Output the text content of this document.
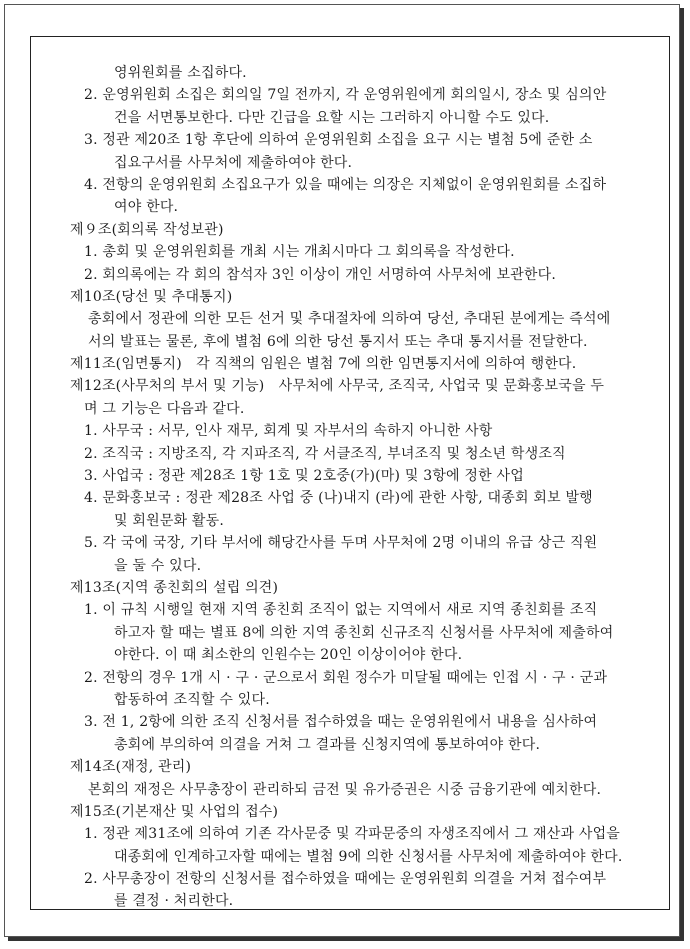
영위원회를 소집하다.
2. 운영위원회 소집은 회의일 7일 전까지, 각 운영위원에게 회의일시, 장소 및 심의안
건을 서면통보한다. 다만 긴급을 요할 시는 그러하지 아니할 수도 있다.
3. 정관 제20조 1항 후단에 의하여 운영위원회 소집을 요구 시는 별첨 5에 준한 소
집요구서를 사무처에 제출하여야 한다.
4. 전항의 운영위원회 소집요구가 있을 때에는 의장은 지체없이 운영위원회를 소집하
여야 한다.
제９조(회의록 작성보관)
1. 총회 및 운영위원회를 개최 시는 개최시마다 그 회의록을 작성한다.
2. 회의록에는 각 회의 참석자 3인 이상이 개인 서명하여 사무처에 보관한다.
제10조(당선 및 추대통지)
총회에서 정관에 의한 모든 선거 및 추대절차에 의하여 당선, 추대된 분에게는 즉석에
서의 발표는 물론, 후에 별첨 6에 의한 당선 통지서 또는 추대 통지서를 전달한다.
제11조(임면통지)　각 직책의 임원은 별첨 7에 의한 임면통지서에 의하여 행한다.
제12조(사무처의 부서 및 기능)　사무처에 사무국, 조직국, 사업국 및 문화홍보국을 두
며 그 기능은 다음과 같다.
1. 사무국 : 서무, 인사 재무, 회계 및 자부서의 속하지 아니한 사항
2. 조직국 : 지방조직, 각 지파조직, 각 서클조직, 부녀조직 및 청소년 학생조직
3. 사업국 : 정관 제28조 1항 1호 및 2호중(가)(마) 및 3항에 정한 사업
4. 문화홍보국 : 정관 제28조 사업 중 (나)내지 (라)에 관한 사항, 대종회 회보 발행
및 회원문화 활동.
5. 각 국에 국장, 기타 부서에 해당간사를 두며 사무처에 2명 이내의 유급 상근 직원
을 둘 수 있다.
제13조(지역 종친회의 설립 의견)
1. 이 규칙 시행일 현재 지역 종친회 조직이 없는 지역에서 새로 지역 종친회를 조직
하고자 할 때는 별표 8에 의한 지역 종친회 신규조직 신청서를 사무처에 제출하여
야한다. 이 때 최소한의 인원수는 20인 이상이어야 한다.
2. 전항의 경우 1개 시 · 구 · 군으로서 회원 정수가 미달될 때에는 인접 시 · 구 · 군과
합동하여 조직할 수 있다.
3. 전 1, 2항에 의한 조직 신청서를 접수하였을 때는 운영위원에서 내용을 심사하여
총회에 부의하여 의결을 거쳐 그 결과를 신청지역에 통보하여야 한다.
제14조(재정, 관리)
본회의 재정은 사무총장이 관리하되 금전 및 유가증권은 시중 금융기관에 예치한다.
제15조(기본재산 및 사업의 접수)
1. 정관 제31조에 의하여 기존 각사문중 및 각파문중의 자생조직에서 그 재산과 사업을
대종회에 인계하고자할 때에는 별첨 9에 의한 신청서를 사무처에 제출하여야 한다.
2. 사무총장이 전항의 신청서를 접수하였을 때에는 운영위원회 의결을 거쳐 접수여부
를 결정 · 처리한다.
